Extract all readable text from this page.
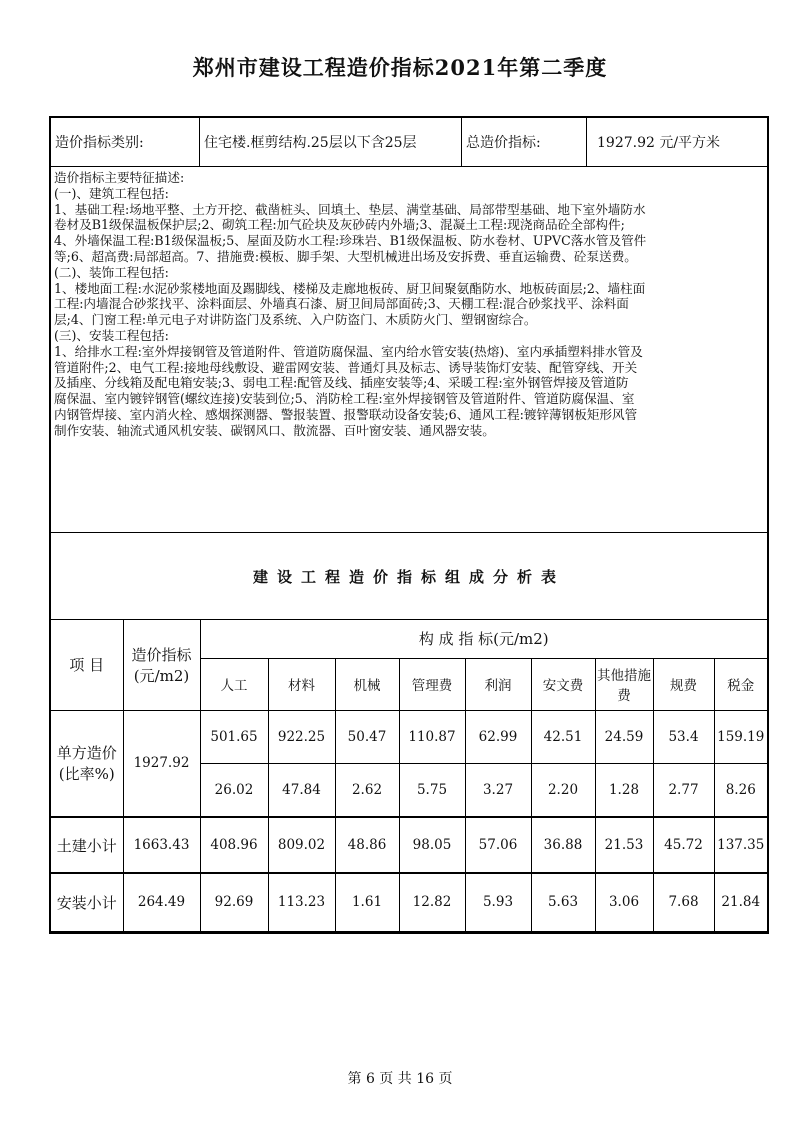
郑州市建设工程造价指标2021年第二季度
造价指标类别:	住宅楼.框剪结构.25层以下含25层	总造价指标:	1927.92 元/平方米

造价指标主要特征描述:

(一)、建筑工程包括:

1、基础工程:场地平整、土方开挖、截凿桩头、回填土、垫层、满堂基础、局部带型基础、地下室外墙防水

卷材及B1级保温板保护层;2、砌筑工程:加气砼块及灰砂砖内外墙;3、混凝土工程:现浇商品砼全部构件;

4、外墙保温工程:B1级保温板;5、屋面及防水工程:珍珠岩、B1级保温板、防水卷材、UPVC落水管及管件

等;6、超高费:局部超高。7、措施费:模板、脚手架、大型机械进出场及安拆费、垂直运输费、砼泵送费。

(二)、装饰工程包括:

1、楼地面工程:水泥砂浆楼地面及踢脚线、楼梯及走廊地板砖、厨卫间聚氨酯防水、地板砖面层;2、墙柱面

工程:内墙混合砂浆找平、涂料面层、外墙真石漆、厨卫间局部面砖;3、天棚工程:混合砂浆找平、涂料面

层;4、门窗工程:单元电子对讲防盗门及系统、入户防盗门、木质防火门、塑钢窗综合。

(三)、安装工程包括:

1、给排水工程:室外焊接钢管及管道附件、管道防腐保温、室内给水管安装(热熔)、室内承插塑料排水管及

管道附件;2、电气工程:接地母线敷设、避雷网安装、普通灯具及标志、诱导装饰灯安装、配管穿线、开关

及插座、分线箱及配电箱安装;3、弱电工程:配管及线、插座安装等;4、采暖工程:室外钢管焊接及管道防

腐保温、室内镀锌钢管(螺纹连接)安装到位;5、消防栓工程:室外焊接钢管及管道附件、管道防腐保温、室

内钢管焊接、室内消火栓、感烟探测器、警报装置、报警联动设备安装;6、通风工程:镀锌薄钢板矩形风管

制作安装、轴流式通风机安装、碳钢风口、散流器、百叶窗安装、通风器安装。

建设工程造价指标组成分析表
项 目	造价指标(元/m2)	构 成 指 标(元/m2)								
		人工	材料	机械	管理费	利润	安文费	其他措施费	规费	税金
单方造价(比率%)	1927.92	501.65	922.25	50.47	110.87	62.99	42.51	24.59	53.4	159.19
		26.02	47.84	2.62	5.75	3.27	2.20	1.28	2.77	8.26
土建小计	1663.43	408.96	809.02	48.86	98.05	57.06	36.88	21.53	45.72	137.35
安装小计	264.49	92.69	113.23	1.61	12.82	5.93	5.63	3.06	7.68	21.84
第 6 页 共 16 页
